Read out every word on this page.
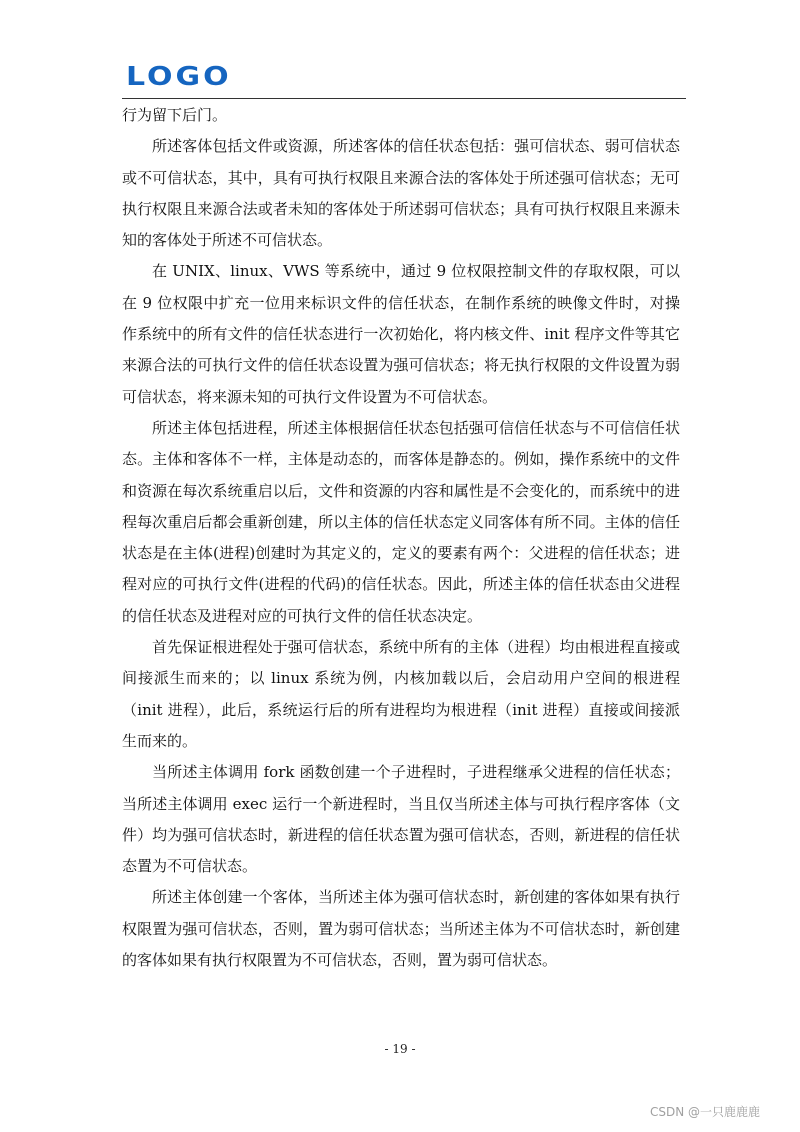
LOGO

行为留下后门。

所述客体包括文件或资源，所述客体的信任状态包括：强可信状态、弱可信状态或不可信状态，其中，具有可执行权限且来源合法的客体处于所述强可信状态；无可执行权限且来源合法或者未知的客体处于所述弱可信状态；具有可执行权限且来源未知的客体处于所述不可信状态。

在 UNIX、linux、VWS 等系统中，通过 9 位权限控制文件的存取权限，可以在 9 位权限中扩充一位用来标识文件的信任状态，在制作系统的映像文件时，对操作系统中的所有文件的信任状态进行一次初始化，将内核文件、init 程序文件等其它来源合法的可执行文件的信任状态设置为强可信状态；将无执行权限的文件设置为弱可信状态，将来源未知的可执行文件设置为不可信状态。

所述主体包括进程，所述主体根据信任状态包括强可信信任状态与不可信信任状态。主体和客体不一样，主体是动态的，而客体是静态的。例如，操作系统中的文件和资源在每次系统重启以后，文件和资源的内容和属性是不会变化的，而系统中的进程每次重启后都会重新创建，所以主体的信任状态定义同客体有所不同。主体的信任状态是在主体(进程)创建时为其定义的，定义的要素有两个：父进程的信任状态；进程对应的可执行文件(进程的代码)的信任状态。因此，所述主体的信任状态由父进程的信任状态及进程对应的可执行文件的信任状态决定。

首先保证根进程处于强可信状态，系统中所有的主体（进程）均由根进程直接或间接派生而来的；以 linux 系统为例，内核加载以后，会启动用户空间的根进程（init 进程），此后，系统运行后的所有进程均为根进程（init 进程）直接或间接派生而来的。

当所述主体调用 fork 函数创建一个子进程时，子进程继承父进程的信任状态；当所述主体调用 exec 运行一个新进程时，当且仅当所述主体与可执行程序客体（文件）均为强可信状态时，新进程的信任状态置为强可信状态，否则，新进程的信任状态置为不可信状态。

所述主体创建一个客体，当所述主体为强可信状态时，新创建的客体如果有执行权限置为强可信状态，否则，置为弱可信状态；当所述主体为不可信状态时，新创建的客体如果有执行权限置为不可信状态，否则，置为弱可信状态。

- 19 -
CSDN @一只鹿鹿鹿
